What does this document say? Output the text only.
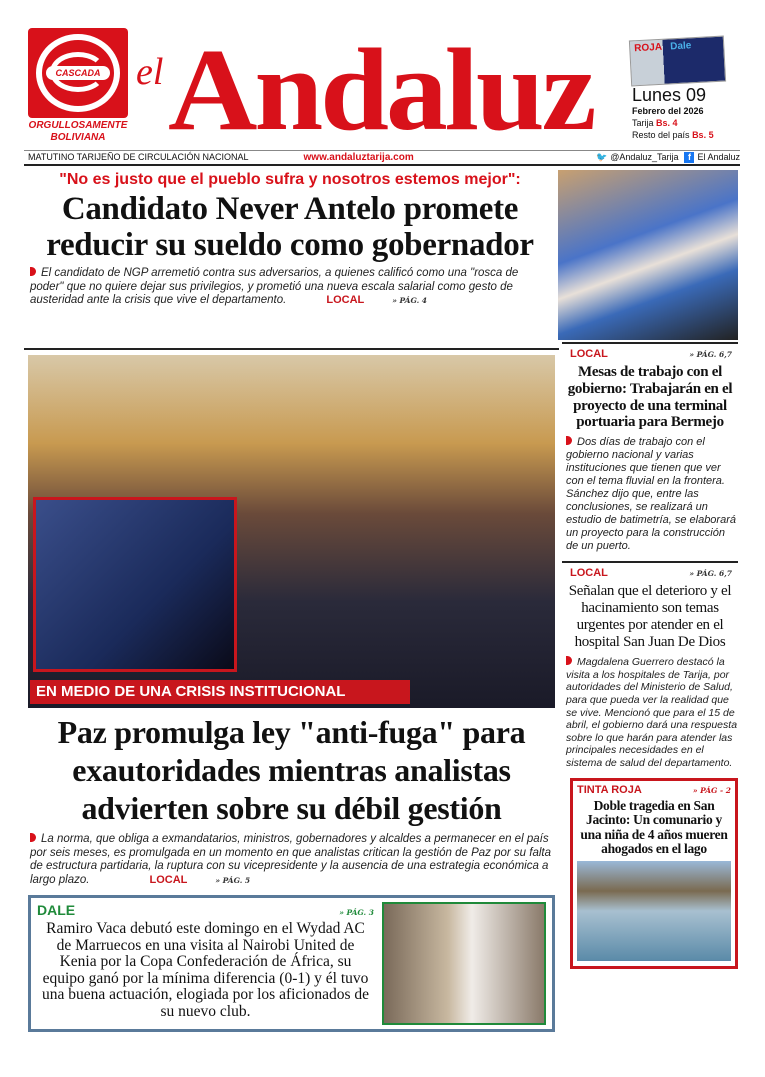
CASCADA
ORGULLOSAMENTE
BOLIVIANA
el Andaluz	ROJA Dale
Lunes 09
Febrero del 2026
Tarija Bs. 4
Resto del país Bs. 5
MATUTINO TARIJEÑO DE CIRCULACIÓN NACIONAL	www.andaluztarija.com	🐦 @Andaluz_Tarija	f El Andaluz
"No es justo que el pueblo sufra y nosotros estemos mejor":
Candidato Never Antelo promete reducir su sueldo como gobernador
El candidato de NGP arremetió contra sus adversarios, a quienes calificó como una "rosca de poder" que no quiere dejar sus privilegios, y prometió una nueva escala salarial como gesto de austeridad ante la crisis que vive el departamento.	LOCAL	» PÁG. 4
EN MEDIO DE UNA CRISIS INSTITUCIONAL
Paz promulga ley "anti-fuga" para exautoridades mientras analistas advierten sobre su débil gestión
La norma, que obliga a exmandatarios, ministros, gobernadores y alcaldes a permanecer en el país por seis meses, es promulgada en un momento en que analistas critican la gestión de Paz por su falta de estructura partidaria, la ruptura con su vicepresidente y la ausencia de una estrategia económica a largo plazo.	LOCAL	» PÁG. 5
DALE	» PÁG. 3
Ramiro Vaca debutó este domingo en el Wydad AC de Marruecos en una visita al Nairobi United de Kenia por la Copa Confederación de África, su equipo ganó por la mínima diferencia (0-1) y él tuvo una buena actuación, elogiada por los aficionados de su nuevo club.
LOCAL	» PÁG. 6,7
Mesas de trabajo con el gobierno: Trabajarán en el proyecto de una terminal portuaria para Bermejo
Dos días de trabajo con el gobierno nacional y varias instituciones que tienen que ver con el tema fluvial en la frontera. Sánchez dijo que, entre las conclusiones, se realizará un estudio de batimetría, se elaborará un proyecto para la construcción de un puerto.
LOCAL	» PÁG. 6,7
Señalan que el deterioro y el hacinamiento son temas urgentes por atender en el hospital San Juan De Dios
Magdalena Guerrero destacó la visita a los hospitales de Tarija, por autoridades del Ministerio de Salud, para que pueda ver la realidad que se vive. Mencionó que para el 15 de abril, el gobierno dará una respuesta sobre lo que harán para atender las principales necesidades en el sistema de salud del departamento.
TINTA ROJA	» PÁG - 2
Doble tragedia en San Jacinto: Un comunario y una niña de 4 años mueren ahogados en el lago
